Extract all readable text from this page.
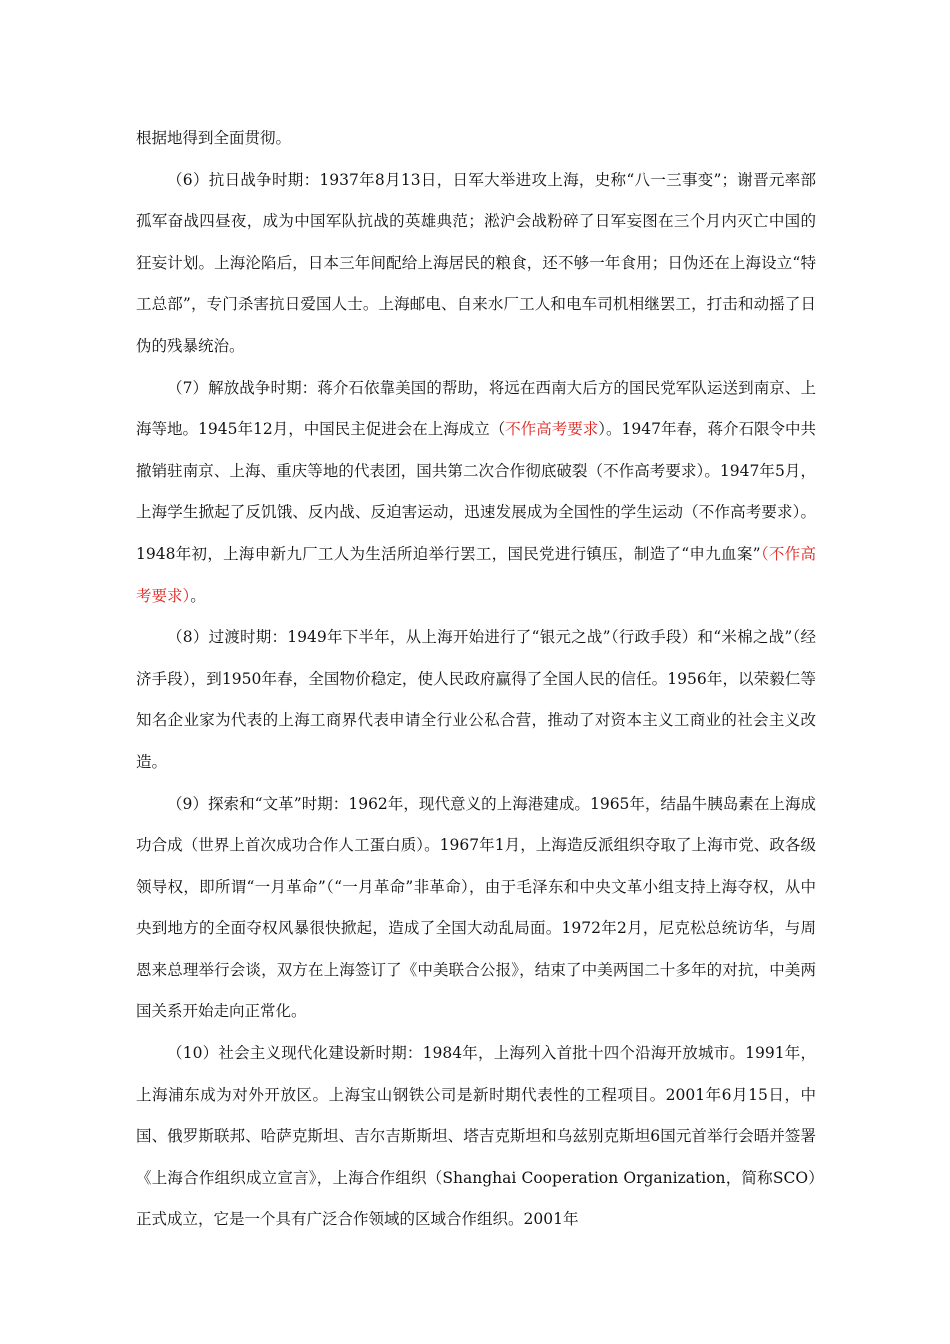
根据地得到全面贯彻。

（6）抗日战争时期：1937年8月13日，日军大举进攻上海，史称“八一三事变”；谢晋元率部孤军奋战四昼夜，成为中国军队抗战的英雄典范；淞沪会战粉碎了日军妄图在三个月内灭亡中国的狂妄计划。上海沦陷后，日本三年间配给上海居民的粮食，还不够一年食用；日伪还在上海设立“特工总部”，专门杀害抗日爱国人士。上海邮电、自来水厂工人和电车司机相继罢工，打击和动摇了日伪的残暴统治。

（7）解放战争时期：蒋介石依靠美国的帮助，将远在西南大后方的国民党军队运送到南京、上海等地。1945年12月，中国民主促进会在上海成立（不作高考要求）。1947年春，蒋介石限令中共撤销驻南京、上海、重庆等地的代表团，国共第二次合作彻底破裂（不作高考要求）。1947年5月，上海学生掀起了反饥饿、反内战、反迫害运动，迅速发展成为全国性的学生运动（不作高考要求）。1948年初，上海申新九厂工人为生活所迫举行罢工，国民党进行镇压，制造了“申九血案”（不作高考要求）。

（8）过渡时期：1949年下半年，从上海开始进行了“银元之战”（行政手段）和“米棉之战”（经济手段），到1950年春，全国物价稳定，使人民政府赢得了全国人民的信任。1956年，以荣毅仁等知名企业家为代表的上海工商界代表申请全行业公私合营，推动了对资本主义工商业的社会主义改造。

（9）探索和“文革”时期：1962年，现代意义的上海港建成。1965年，结晶牛胰岛素在上海成功合成（世界上首次成功合作人工蛋白质）。1967年1月，上海造反派组织夺取了上海市党、政各级领导权，即所谓“一月革命”（“一月革命”非革命），由于毛泽东和中央文革小组支持上海夺权，从中央到地方的全面夺权风暴很快掀起，造成了全国大动乱局面。1972年2月，尼克松总统访华，与周恩来总理举行会谈，双方在上海签订了《中美联合公报》，结束了中美两国二十多年的对抗，中美两国关系开始走向正常化。

（10）社会主义现代化建设新时期：1984年，上海列入首批十四个沿海开放城市。1991年，上海浦东成为对外开放区。上海宝山钢铁公司是新时期代表性的工程项目。2001年6月15日，中国、俄罗斯联邦、哈萨克斯坦、吉尔吉斯斯坦、塔吉克斯坦和乌兹别克斯坦6国元首举行会晤并签署《上海合作组织成立宣言》，上海合作组织（Shanghai Cooperation Organization，简称SCO）正式成立，它是一个具有广泛合作领域的区域合作组织。2001年
